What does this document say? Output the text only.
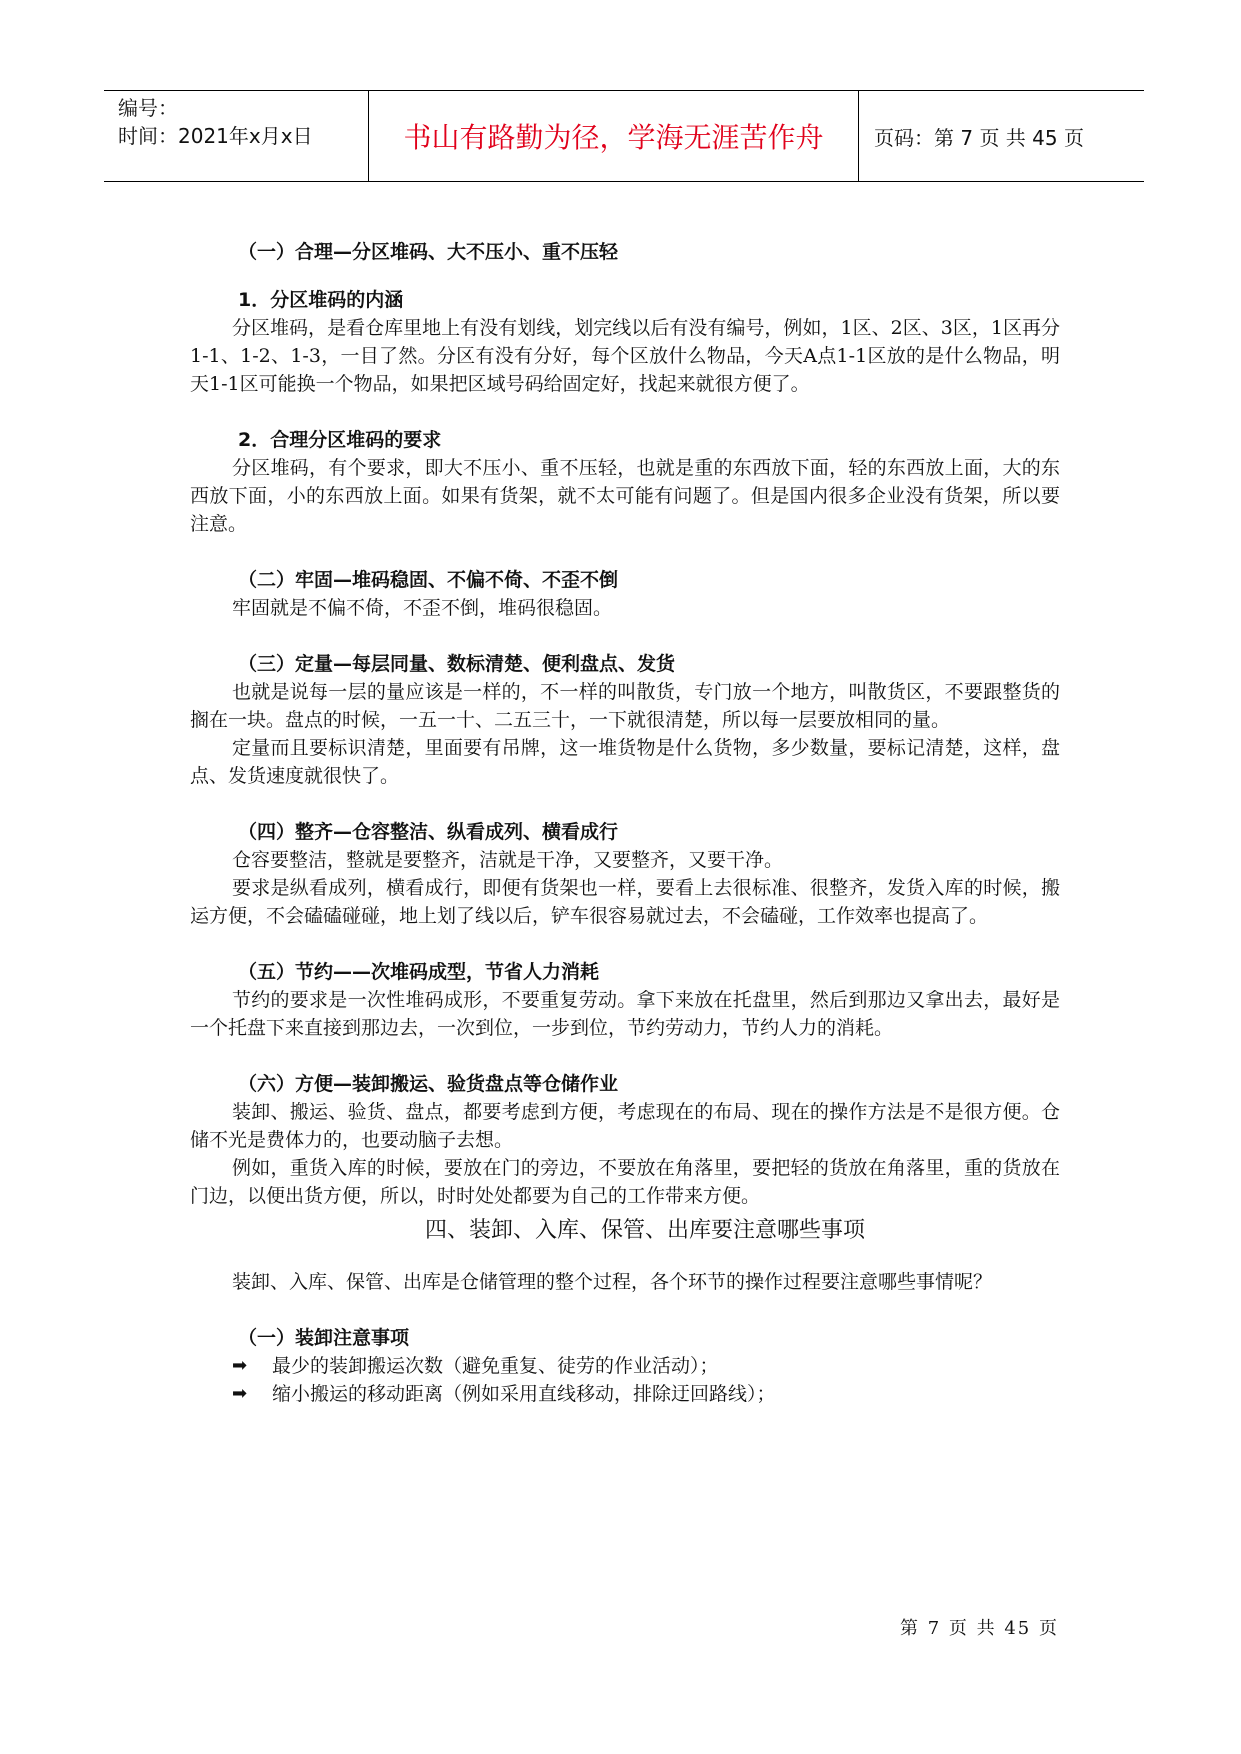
编号：
时间：2021年x月x日	书山有路勤为径，学海无涯苦作舟	页码：第 7 页 共 45 页

（一）合理—分区堆码、大不压小、重不压轻

1．分区堆码的内涵

分区堆码，是看仓库里地上有没有划线，划完线以后有没有编号，例如，1区、2区、3区，1区再分1-1、1-2、1-3，一目了然。分区有没有分好，每个区放什么物品，今天A点1-1区放的是什么物品，明天1-1区可能换一个物品，如果把区域号码给固定好，找起来就很方便了。

2．合理分区堆码的要求

分区堆码，有个要求，即大不压小、重不压轻，也就是重的东西放下面，轻的东西放上面，大的东西放下面，小的东西放上面。如果有货架，就不太可能有问题了。但是国内很多企业没有货架，所以要注意。

（二）牢固—堆码稳固、不偏不倚、不歪不倒

牢固就是不偏不倚，不歪不倒，堆码很稳固。

（三）定量—每层同量、数标清楚、便利盘点、发货

也就是说每一层的量应该是一样的，不一样的叫散货，专门放一个地方，叫散货区，不要跟整货的搁在一块。盘点的时候，一五一十、二五三十，一下就很清楚，所以每一层要放相同的量。

定量而且要标识清楚，里面要有吊牌，这一堆货物是什么货物，多少数量，要标记清楚，这样，盘点、发货速度就很快了。

（四）整齐—仓容整洁、纵看成列、横看成行

仓容要整洁，整就是要整齐，洁就是干净，又要整齐，又要干净。

要求是纵看成列，横看成行，即便有货架也一样，要看上去很标准、很整齐，发货入库的时候，搬运方便，不会磕磕碰碰，地上划了线以后，铲车很容易就过去，不会磕碰，工作效率也提高了。

（五）节约——次堆码成型，节省人力消耗

节约的要求是一次性堆码成形，不要重复劳动。拿下来放在托盘里，然后到那边又拿出去，最好是一个托盘下来直接到那边去，一次到位，一步到位，节约劳动力，节约人力的消耗。

（六）方便—装卸搬运、验货盘点等仓储作业

装卸、搬运、验货、盘点，都要考虑到方便，考虑现在的布局、现在的操作方法是不是很方便。仓储不光是费体力的，也要动脑子去想。

例如，重货入库的时候，要放在门的旁边，不要放在角落里，要把轻的货放在角落里，重的货放在门边，以便出货方便，所以，时时处处都要为自己的工作带来方便。

四、装卸、入库、保管、出库要注意哪些事项

装卸、入库、保管、出库是仓储管理的整个过程，各个环节的操作过程要注意哪些事情呢？

（一）装卸注意事项

➡	最少的装卸搬运次数（避免重复、徒劳的作业活动）；
➡	缩小搬运的移动距离（例如采用直线移动，排除迂回路线）；
第 7 页 共 45 页
